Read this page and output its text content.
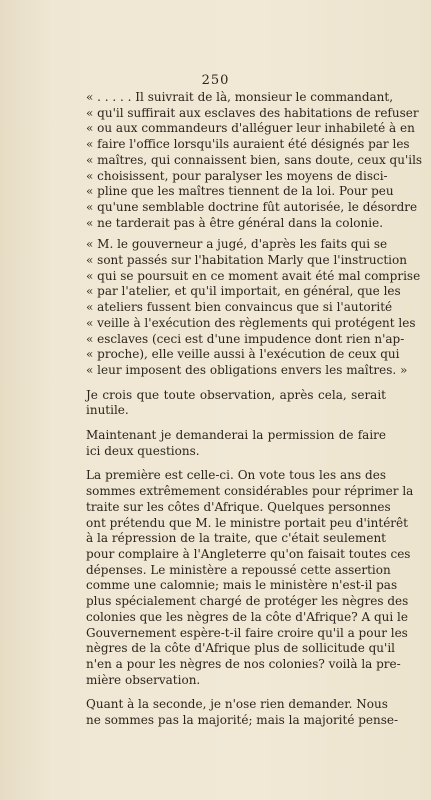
250
« . . . . . Il suivrait de là, monsieur le commandant,
« qu'il suffirait aux esclaves des habitations de refuser
« ou aux commandeurs d'alléguer leur inhabileté à en
« faire l'office lorsqu'ils auraient été désignés par les
« maîtres, qui connaissent bien, sans doute, ceux qu'ils
« choisissent, pour paralyser les moyens de disci-
« pline que les maîtres tiennent de la loi. Pour peu
« qu'une semblable doctrine fût autorisée, le désordre
« ne tarderait pas à être général dans la colonie.
« M. le gouverneur a jugé, d'après les faits qui se
« sont passés sur l'habitation Marly que l'instruction
« qui se poursuit en ce moment avait été mal comprise
« par l'atelier, et qu'il importait, en général, que les
« ateliers fussent bien convaincus que si l'autorité
« veille à l'exécution des règlements qui protégent les
« esclaves (ceci est d'une impudence dont rien n'ap-
« proche), elle veille aussi à l'exécution de ceux qui
« leur imposent des obligations envers les maîtres. »
Je crois que toute observation, après cela, serait
inutile.
Maintenant je demanderai la permission de faire
ici deux questions.
La première est celle-ci. On vote tous les ans des
sommes extrêmement considérables pour réprimer la
traite sur les côtes d'Afrique. Quelques personnes
ont prétendu que M. le ministre portait peu d'intérêt
à la répression de la traite, que c'était seulement
pour complaire à l'Angleterre qu'on faisait toutes ces
dépenses. Le ministère a repoussé cette assertion
comme une calomnie; mais le ministère n'est-il pas
plus spécialement chargé de protéger les nègres des
colonies que les nègres de la côte d'Afrique? A qui le
Gouvernement espère-t-il faire croire qu'il a pour les
nègres de la côte d'Afrique plus de sollicitude qu'il
n'en a pour les nègres de nos colonies? voilà la pre-
mière observation.
Quant à la seconde, je n'ose rien demander. Nous
ne sommes pas la majorité; mais la majorité pense-
